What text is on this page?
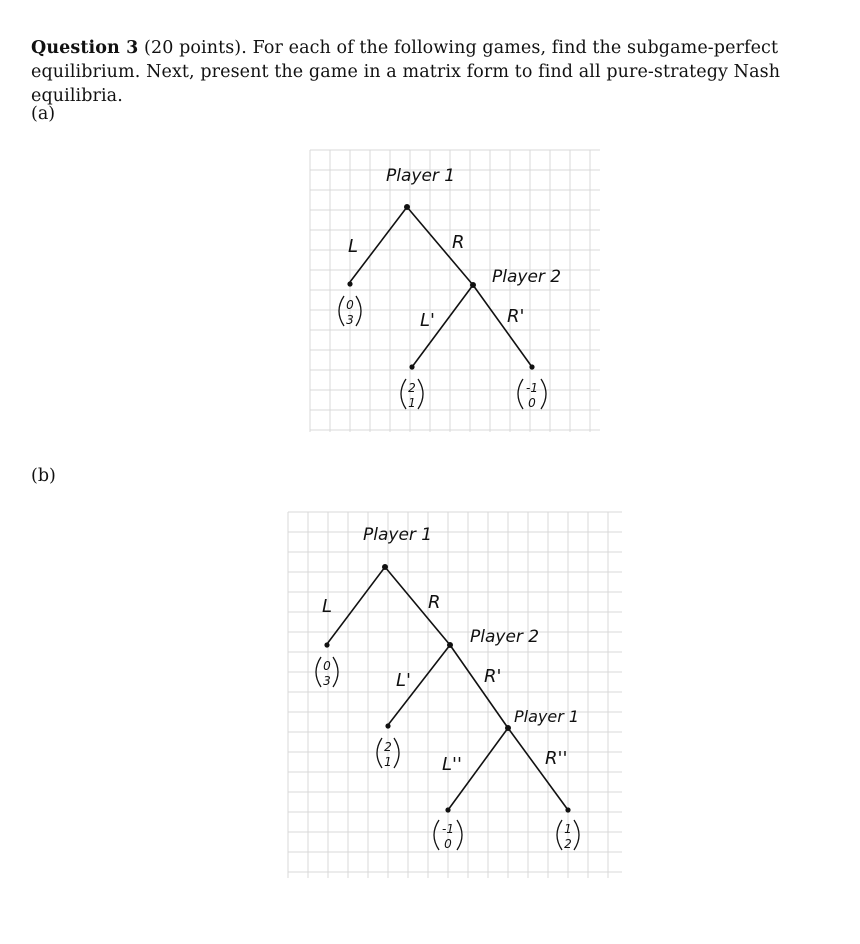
Question 3 (20 points). For each of the following games, find the subgame-perfect equilibrium. Next, present the game in a matrix form to find all pure-strategy Nash equilibria.
(a)
(b)
Player 1
Player 2
L	R
L'	R'
0
3
2
1
-1
0
Player 1
Player 2
Player 1
L	R
L'	R'
L''	R''
0
3
2
1
-1
0
1
2
